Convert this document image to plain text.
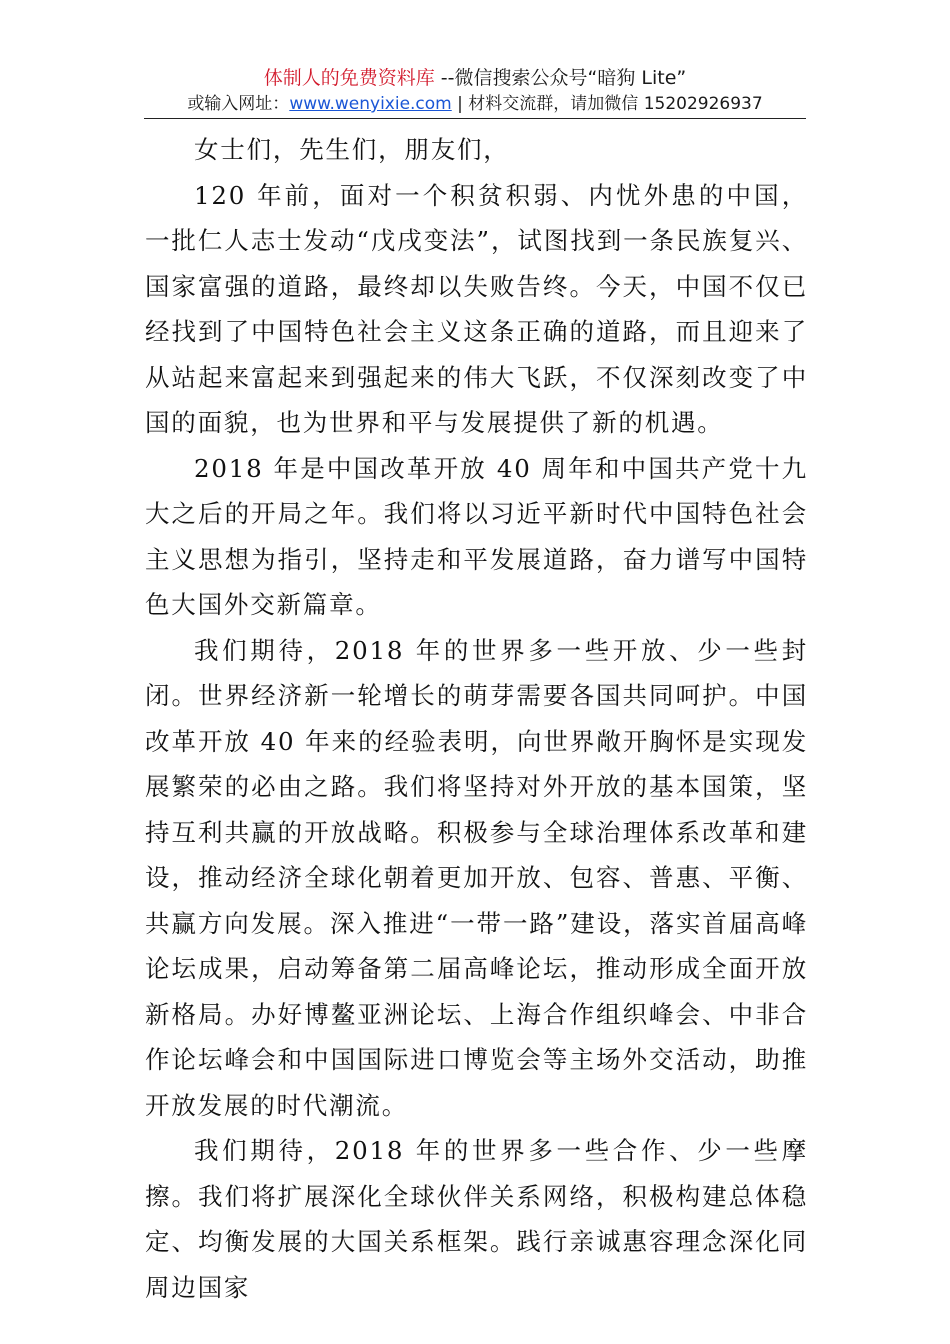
体制人的免费资料库 --微信搜索公众号“暗狗 Lite”
或输入网址：www.wenyixie.com | 材料交流群，请加微信 15202926937

女士们，先生们，朋友们，

120 年前，面对一个积贫积弱、内忧外患的中国，一批仁人志士发动“戊戌变法”，试图找到一条民族复兴、国家富强的道路，最终却以失败告终。今天，中国不仅已经找到了中国特色社会主义这条正确的道路，而且迎来了从站起来富起来到强起来的伟大飞跃，不仅深刻改变了中国的面貌，也为世界和平与发展提供了新的机遇。

2018 年是中国改革开放 40 周年和中国共产党十九大之后的开局之年。我们将以习近平新时代中国特色社会主义思想为指引，坚持走和平发展道路，奋力谱写中国特色大国外交新篇章。

我们期待，2018 年的世界多一些开放、少一些封闭。世界经济新一轮增长的萌芽需要各国共同呵护。中国改革开放 40 年来的经验表明，向世界敞开胸怀是实现发展繁荣的必由之路。我们将坚持对外开放的基本国策，坚持互利共赢的开放战略。积极参与全球治理体系改革和建设，推动经济全球化朝着更加开放、包容、普惠、平衡、共赢方向发展。深入推进“一带一路”建设，落实首届高峰论坛成果，启动筹备第二届高峰论坛，推动形成全面开放新格局。办好博鳌亚洲论坛、上海合作组织峰会、中非合作论坛峰会和中国国际进口博览会等主场外交活动，助推开放发展的时代潮流。

我们期待，2018 年的世界多一些合作、少一些摩擦。我们将扩展深化全球伙伴关系网络，积极构建总体稳定、均衡发展的大国关系框架。践行亲诚惠容理念深化同周边国家
